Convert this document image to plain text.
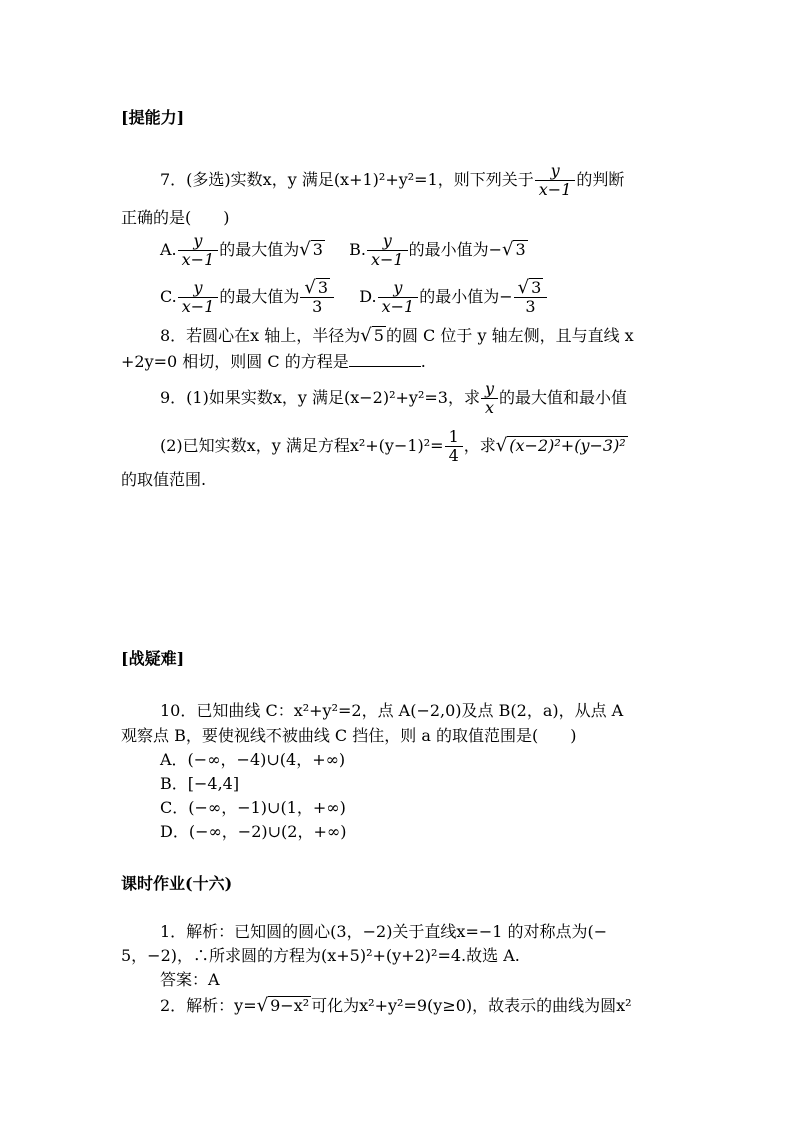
[提能力]
7．(多选)实数x，y 满足(x+1)²+y²=1，则下列关于 $\frac{y}{x-1}$ 的判断
正确的是(　　)
A. $\frac{y}{x-1}$ 的最大值为√ 3 B. $\frac{y}{x-1}$ 的最小值为−√ 3
C. $\frac{y}{x-1}$ 的最大值为 $\frac{√ 3}{3} D$. $\frac{y}{x-1}$ 的最小值为− $\frac{√ 3}{3}$
8．若圆心在x 轴上，半径为√ 5 的圆 C 位于 y 轴左侧，且与直线 x
+2y=0 相切，则圆 C 的方程是	.
9．(1)如果实数x，y 满足(x−2)²+y²=3，求 $\frac{y}{x}$ 的最大值和最小值
(2)已知实数x，y 满足方程$x^2+(y-1)^2= \frac{1}{4}$ ，求√ (x−2)²+(y−3)²
的取值范围.
[战疑难]
10．已知曲线 C：x²+y²=2，点 A(−2,0)及点 B(2，a)，从点 A
观察点 B，要使视线不被曲线 C 挡住，则 a 的取值范围是(　　)
A．(−∞，−4)∪(4，+∞)
B．[−4,4]
C．(−∞，−1)∪(1，+∞)
D．(−∞，−2)∪(2，+∞)
课时作业(十六)
1．解析：已知圆的圆心(3，−2)关于直线x=−1 的对称点为(−
5，−2)，∴所求圆的方程为(x+5)²+(y+2)²=4.故选 A.
答案：A
2．解析：y=√ 9−x² 可化为x²+y²=9(y≥0)，故表示的曲线为圆x²
